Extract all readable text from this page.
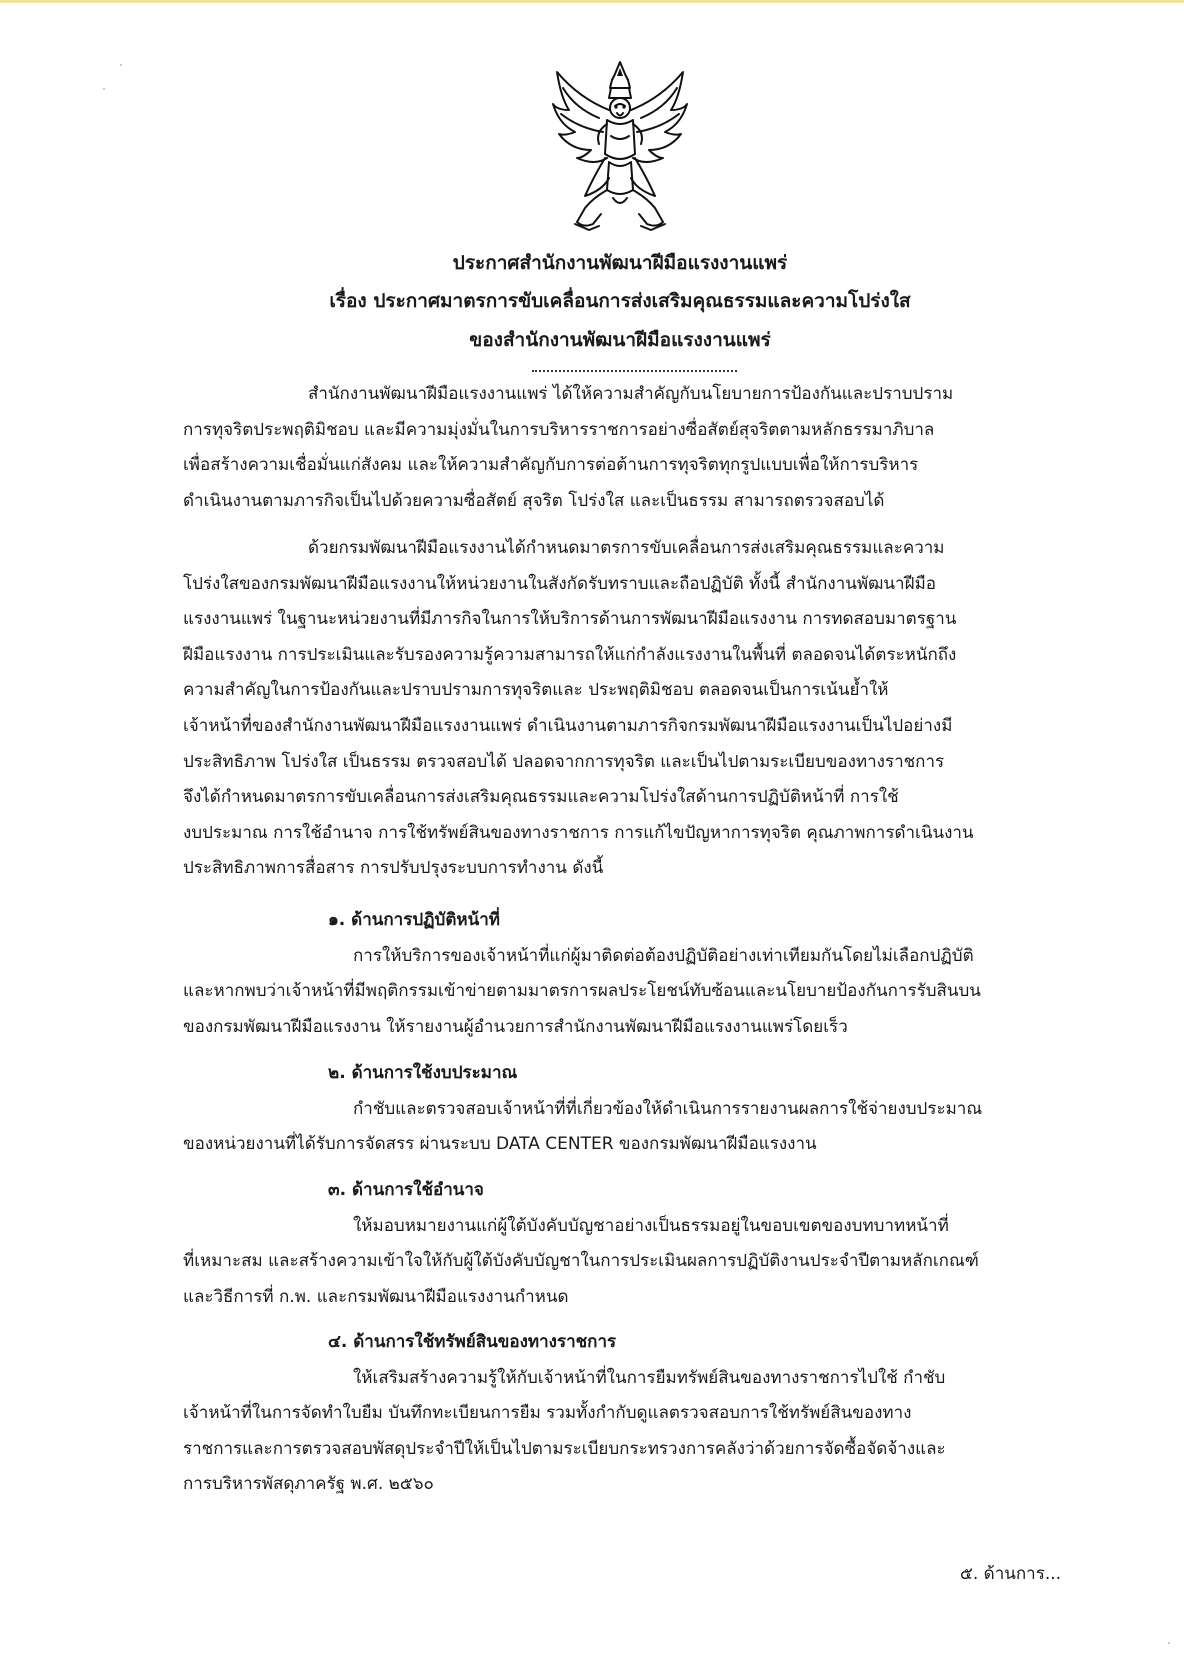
ประกาศสำนักงานพัฒนาฝีมือแรงงานแพร่
เรื่อง ประกาศมาตรการขับเคลื่อนการส่งเสริมคุณธรรมและความโปร่งใส
ของสำนักงานพัฒนาฝีมือแรงงานแพร่
สำนักงานพัฒนาฝีมือแรงงานแพร่ ได้ให้ความสำคัญกับนโยบายการป้องกันและปราบปราม
การทุจริตประพฤติมิชอบ และมีความมุ่งมั่นในการบริหารราชการอย่างซื่อสัตย์สุจริตตามหลักธรรมาภิบาล
เพื่อสร้างความเชื่อมั่นแก่สังคม และให้ความสำคัญกับการต่อต้านการทุจริตทุกรูปแบบเพื่อให้การบริหาร
ดำเนินงานตามภารกิจเป็นไปด้วยความซื่อสัตย์ สุจริต โปร่งใส และเป็นธรรม สามารถตรวจสอบได้
ด้วยกรมพัฒนาฝีมือแรงงานได้กำหนดมาตรการขับเคลื่อนการส่งเสริมคุณธรรมและความ
โปร่งใสของกรมพัฒนาฝีมือแรงงานให้หน่วยงานในสังกัดรับทราบและถือปฏิบัติ ทั้งนี้ สำนักงานพัฒนาฝีมือ
แรงงานแพร่ ในฐานะหน่วยงานที่มีภารกิจในการให้บริการด้านการพัฒนาฝีมือแรงงาน การทดสอบมาตรฐาน
ฝีมือแรงงาน การประเมินและรับรองความรู้ความสามารถให้แก่กำลังแรงงานในพื้นที่ ตลอดจนได้ตระหนักถึง
ความสำคัญในการป้องกันและปราบปรามการทุจริตและ ประพฤติมิชอบ ตลอดจนเป็นการเน้นย้ำให้
เจ้าหน้าที่ของสำนักงานพัฒนาฝีมือแรงงานแพร่ ดำเนินงานตามภารกิจกรมพัฒนาฝีมือแรงงานเป็นไปอย่างมี
ประสิทธิภาพ โปร่งใส เป็นธรรม ตรวจสอบได้ ปลอดจากการทุจริต และเป็นไปตามระเบียบของทางราชการ
จึงได้กำหนดมาตรการขับเคลื่อนการส่งเสริมคุณธรรมและความโปร่งใสด้านการปฏิบัติหน้าที่ การใช้
งบประมาณ การใช้อำนาจ การใช้ทรัพย์สินของทางราชการ การแก้ไขปัญหาการทุจริต คุณภาพการดำเนินงาน
ประสิทธิภาพการสื่อสาร การปรับปรุงระบบการทำงาน ดังนี้
๑. ด้านการปฏิบัติหน้าที่
การให้บริการของเจ้าหน้าที่แก่ผู้มาติดต่อต้องปฏิบัติอย่างเท่าเทียมกันโดยไม่เลือกปฏิบัติ
และหากพบว่าเจ้าหน้าที่มีพฤติกรรมเข้าข่ายตามมาตรการผลประโยชน์ทับซ้อนและนโยบายป้องกันการรับสินบน
ของกรมพัฒนาฝีมือแรงงาน ให้รายงานผู้อำนวยการสำนักงานพัฒนาฝีมือแรงงานแพร่โดยเร็ว
๒. ด้านการใช้งบประมาณ
กำชับและตรวจสอบเจ้าหน้าที่ที่เกี่ยวข้องให้ดำเนินการรายงานผลการใช้จ่ายงบประมาณ
ของหน่วยงานที่ได้รับการจัดสรร ผ่านระบบ DATA CENTER ของกรมพัฒนาฝีมือแรงงาน
๓. ด้านการใช้อำนาจ
ให้มอบหมายงานแก่ผู้ใต้บังคับบัญชาอย่างเป็นธรรมอยู่ในขอบเขตของบทบาทหน้าที่
ที่เหมาะสม และสร้างความเข้าใจให้กับผู้ใต้บังคับบัญชาในการประเมินผลการปฏิบัติงานประจำปีตามหลักเกณฑ์
และวิธีการที่ ก.พ. และกรมพัฒนาฝีมือแรงงานกำหนด
๔. ด้านการใช้ทรัพย์สินของทางราชการ
ให้เสริมสร้างความรู้ให้กับเจ้าหน้าที่ในการยืมทรัพย์สินของทางราชการไปใช้ กำชับ
เจ้าหน้าที่ในการจัดทำใบยืม บันทึกทะเบียนการยืม รวมทั้งกำกับดูแลตรวจสอบการใช้ทรัพย์สินของทาง
ราชการและการตรวจสอบพัสดุประจำปีให้เป็นไปตามระเบียบกระทรวงการคลังว่าด้วยการจัดซื้อจัดจ้างและ
การบริหารพัสดุภาครัฐ พ.ศ. ๒๕๖๐
๕. ด้านการ...
